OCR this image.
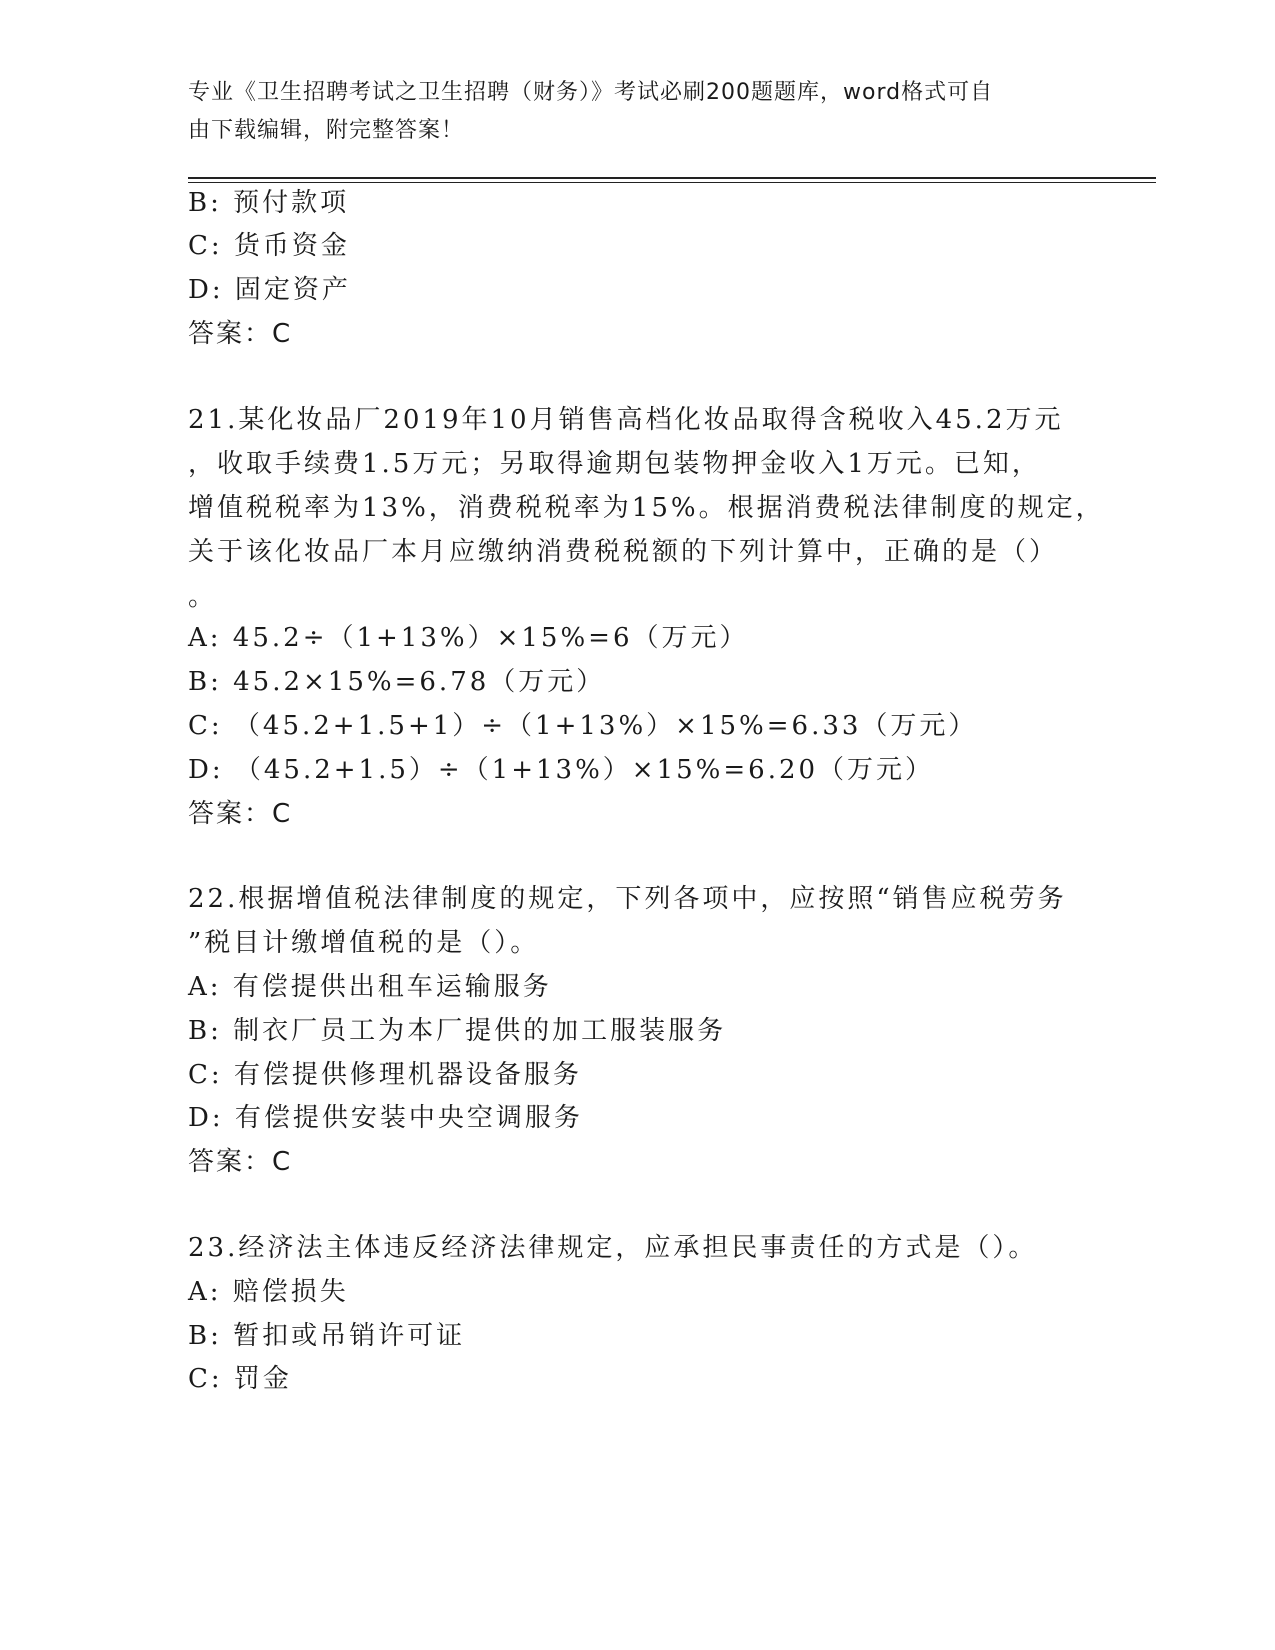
专业《卫生招聘考试之卫生招聘（财务）》考试必刷200题题库，word格式可自
由下载编辑，附完整答案！
B: 预付款项
C: 货币资金
D: 固定资产
答案：C
21.某化妆品厂2019年10月销售高档化妆品取得含税收入45.2万元
，收取手续费1.5万元；另取得逾期包装物押金收入1万元。已知，
增值税税率为13%，消费税税率为15%。根据消费税法律制度的规定，
关于该化妆品厂本月应缴纳消费税税额的下列计算中，正确的是（）
。
A: 45.2÷（1+13%）×15%=6（万元）
B: 45.2×15%=6.78（万元）
C: （45.2+1.5+1）÷（1+13%）×15%=6.33（万元）
D: （45.2+1.5）÷（1+13%）×15%=6.20（万元）
答案：C
22.根据增值税法律制度的规定，下列各项中，应按照“销售应税劳务
”税目计缴增值税的是（）。
A: 有偿提供出租车运输服务
B: 制衣厂员工为本厂提供的加工服装服务
C: 有偿提供修理机器设备服务
D: 有偿提供安装中央空调服务
答案：C
23.经济法主体违反经济法律规定，应承担民事责任的方式是（）。
A: 赔偿损失
B: 暂扣或吊销许可证
C: 罚金
